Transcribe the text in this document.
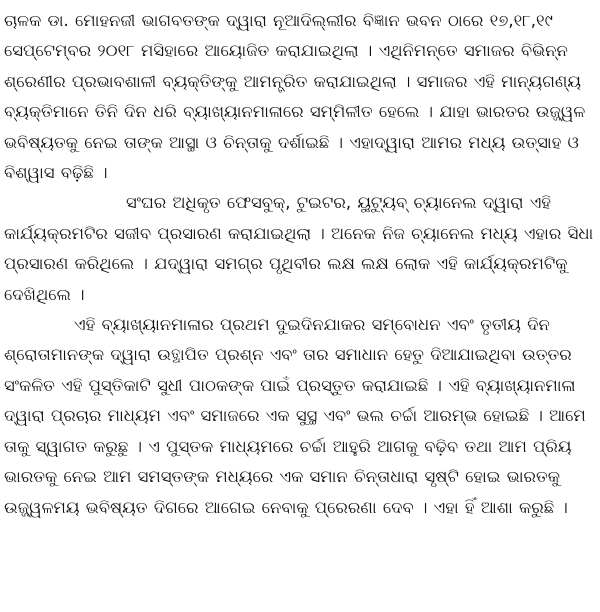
ଚାଳକ ଡା. ମୋହନଜୀ ଭାଗବତଙ୍କ ଦ୍ୱାରା ନୂଆଦିଲ୍ଲୀର ବିଜ୍ଞାନ ଭବନ ଠାରେ ୧୭,୧୮,୧୯ ସେପ୍ଟେମ୍ବର ୨୦୧୮ ମସିହାରେ ଆୟୋଜିତ କରାଯାଇଥିଲା । ଏଥିନିମନ୍ତେ ସମାଜର ବିଭିନ୍ନ ଶ୍ରେଣୀର ପ୍ରଭାବଶାଳୀ ବ୍ୟକ୍ତିଙ୍କୁ ଆମନ୍ତ୍ରିତ କରାଯାଇଥିଲା । ସମାଜର ଏହି ମାନ୍ୟଗଣ୍ୟ ବ୍ୟକ୍ତିମାନେ ତିନି ଦିନ ଧରି ବ୍ୟାଖ୍ୟାନମାଳାରେ ସମ୍ମିଳୀତ ହେଲେ । ଯାହା ଭାରତର ଉଜ୍ଜ୍ୱଳ ଭବିଷ୍ୟତକୁ ନେଇ ତାଙ୍କ ଆସ୍ଥା ଓ ଚିନ୍ତାକୁ ଦର୍ଶାଇଛି । ଏହାଦ୍ୱାରା ଆମର ମଧ୍ୟ ଉତ୍ସାହ ଓ ବିଶ୍ୱାସ ବଢ଼ିଛି ।

ସଂଘର ଅଧିକୃତ ଫେସବୁକ୍, ଟୁଇଟର, ୟୁଟ୍ୟୁବ୍ ଚ୍ୟାନେଲ ଦ୍ୱାରା ଏହି କାର୍ଯ୍ୟକ୍ରମଟିର ସଜୀବ ପ୍ରସାରଣ କରାଯାଇଥିଲା । ଅନେକ ନିଜ ଚ୍ୟାନେଲ ମଧ୍ୟ ଏହାର ସିଧା ପ୍ରସାରଣ କରିଥିଲେ । ଯଦ୍ୱାରା ସମଗ୍ର ପୃଥିବୀର ଲକ୍ଷ ଲକ୍ଷ ଲୋକ ଏହି କାର୍ଯ୍ୟକ୍ରମଟିକୁ ଦେଖିଥିଲେ ।

ଏହି ବ୍ୟାଖ୍ୟାନମାଳାର ପ୍ରଥମ ଦୁଇଦିନଯାକର ସମ୍ବୋଧନ ଏବଂ ତୃତୀୟ ଦିନ ଶ୍ରୋତାମାନଙ୍କ ଦ୍ୱାରା ଉତ୍ଥାପିତ ପ୍ରଶ୍ନ ଏବଂ ତାର ସମାଧାନ ହେତୁ ଦିଆଯାଇଥିବା ଉତ୍ତର ସଂକଳିତ ଏହି ପୁସ୍ତିକାଟି ସୁଧୀ ପାଠକଙ୍କ ପାଇଁ ପ୍ରସ୍ତୁତ କରାଯାଇଛି । ଏହି ବ୍ୟାଖ୍ୟାନମାଳା ଦ୍ୱାରା ପ୍ରଚାର ମାଧ୍ୟମ ଏବଂ ସମାଜରେ ଏକ ସୁସ୍ଥ ଏବଂ ଭଲ ଚର୍ଚ୍ଚା ଆରମ୍ଭ ହୋଇଛି । ଆମେ ତାକୁ ସ୍ୱାଗତ କରୁଛୁ । ଏ ପୁସ୍ତକ ମାଧ୍ୟମରେ ଚର୍ଚ୍ଚା ଆହୁରି ଆଗକୁ ବଢ଼ିବ ତଥା ଆମ ପ୍ରିୟ ଭାରତକୁ ନେଇ ଆମ ସମସ୍ତଙ୍କ ମଧ୍ୟରେ ଏକ ସମାନ ଚିନ୍ତାଧାରା ସୃଷ୍ଟି ହୋଇ ଭାରତକୁ ଉଜ୍ଜ୍ୱଳମୟ ଭବିଷ୍ୟତ ଦିଗରେ ଆଗେଇ ନେବାକୁ ପ୍ରେରଣା ଦେବ । ଏହା ହିଁ ଆଶା କରୁଛି ।
